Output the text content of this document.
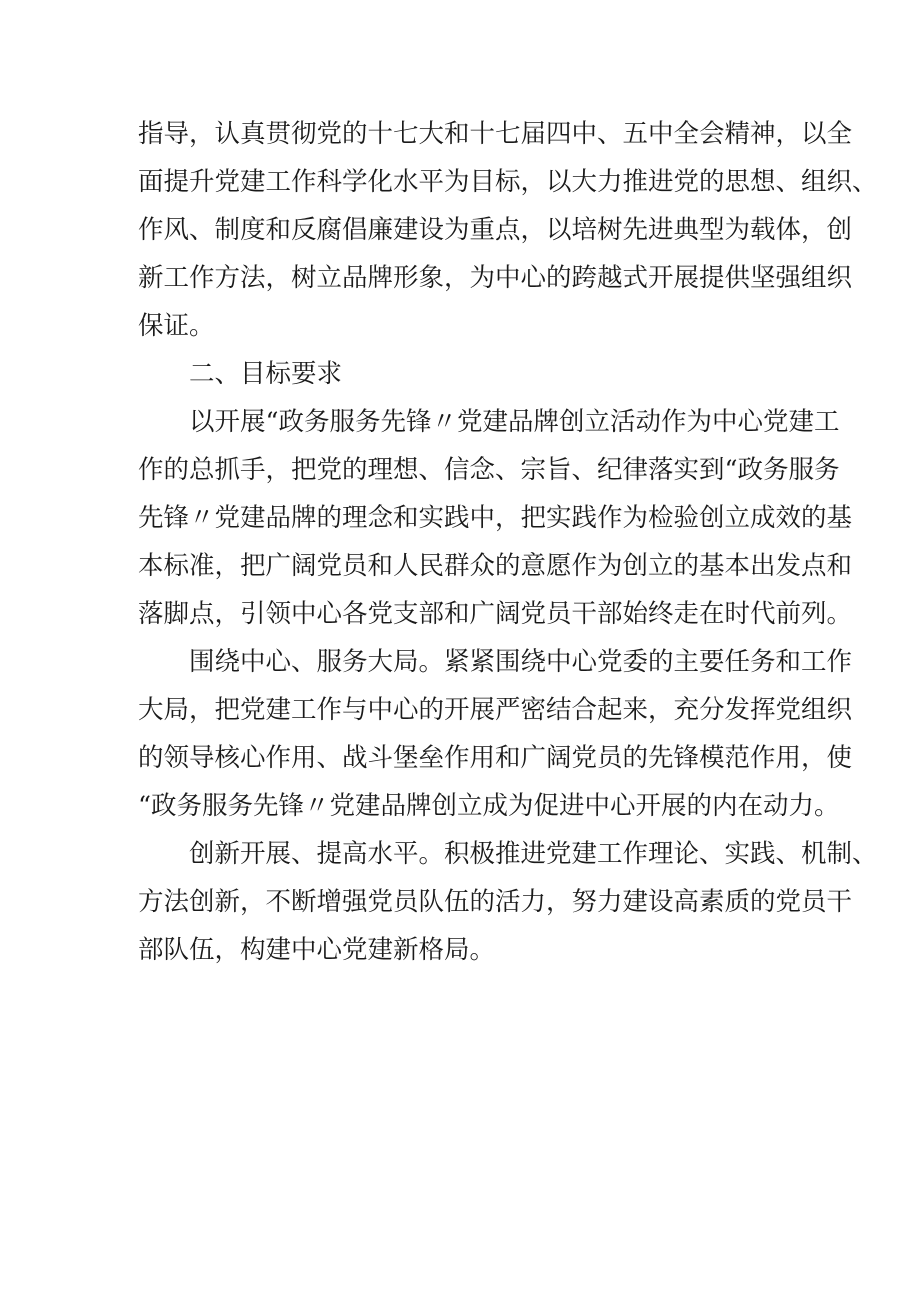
指导，认真贯彻党的十七大和十七届四中、五中全会精神，以全
面提升党建工作科学化水平为目标，以大力推进党的思想、组织、
作风、制度和反腐倡廉建设为重点，以培树先进典型为载体，创
新工作方法，树立品牌形象，为中心的跨越式开展提供坚强组织
保证。
二、目标要求
以开展“政务服务先锋〃党建品牌创立活动作为中心党建工
作的总抓手，把党的理想、信念、宗旨、纪律落实到“政务服务
先锋〃党建品牌的理念和实践中，把实践作为检验创立成效的基
本标准，把广阔党员和人民群众的意愿作为创立的基本出发点和
落脚点，引领中心各党支部和广阔党员干部始终走在时代前列。
围绕中心、服务大局。紧紧围绕中心党委的主要任务和工作
大局，把党建工作与中心的开展严密结合起来，充分发挥党组织
的领导核心作用、战斗堡垒作用和广阔党员的先锋模范作用，使
“政务服务先锋〃党建品牌创立成为促进中心开展的内在动力。
创新开展、提高水平。积极推进党建工作理论、实践、机制、
方法创新，不断增强党员队伍的活力，努力建设高素质的党员干
部队伍，构建中心党建新格局。
